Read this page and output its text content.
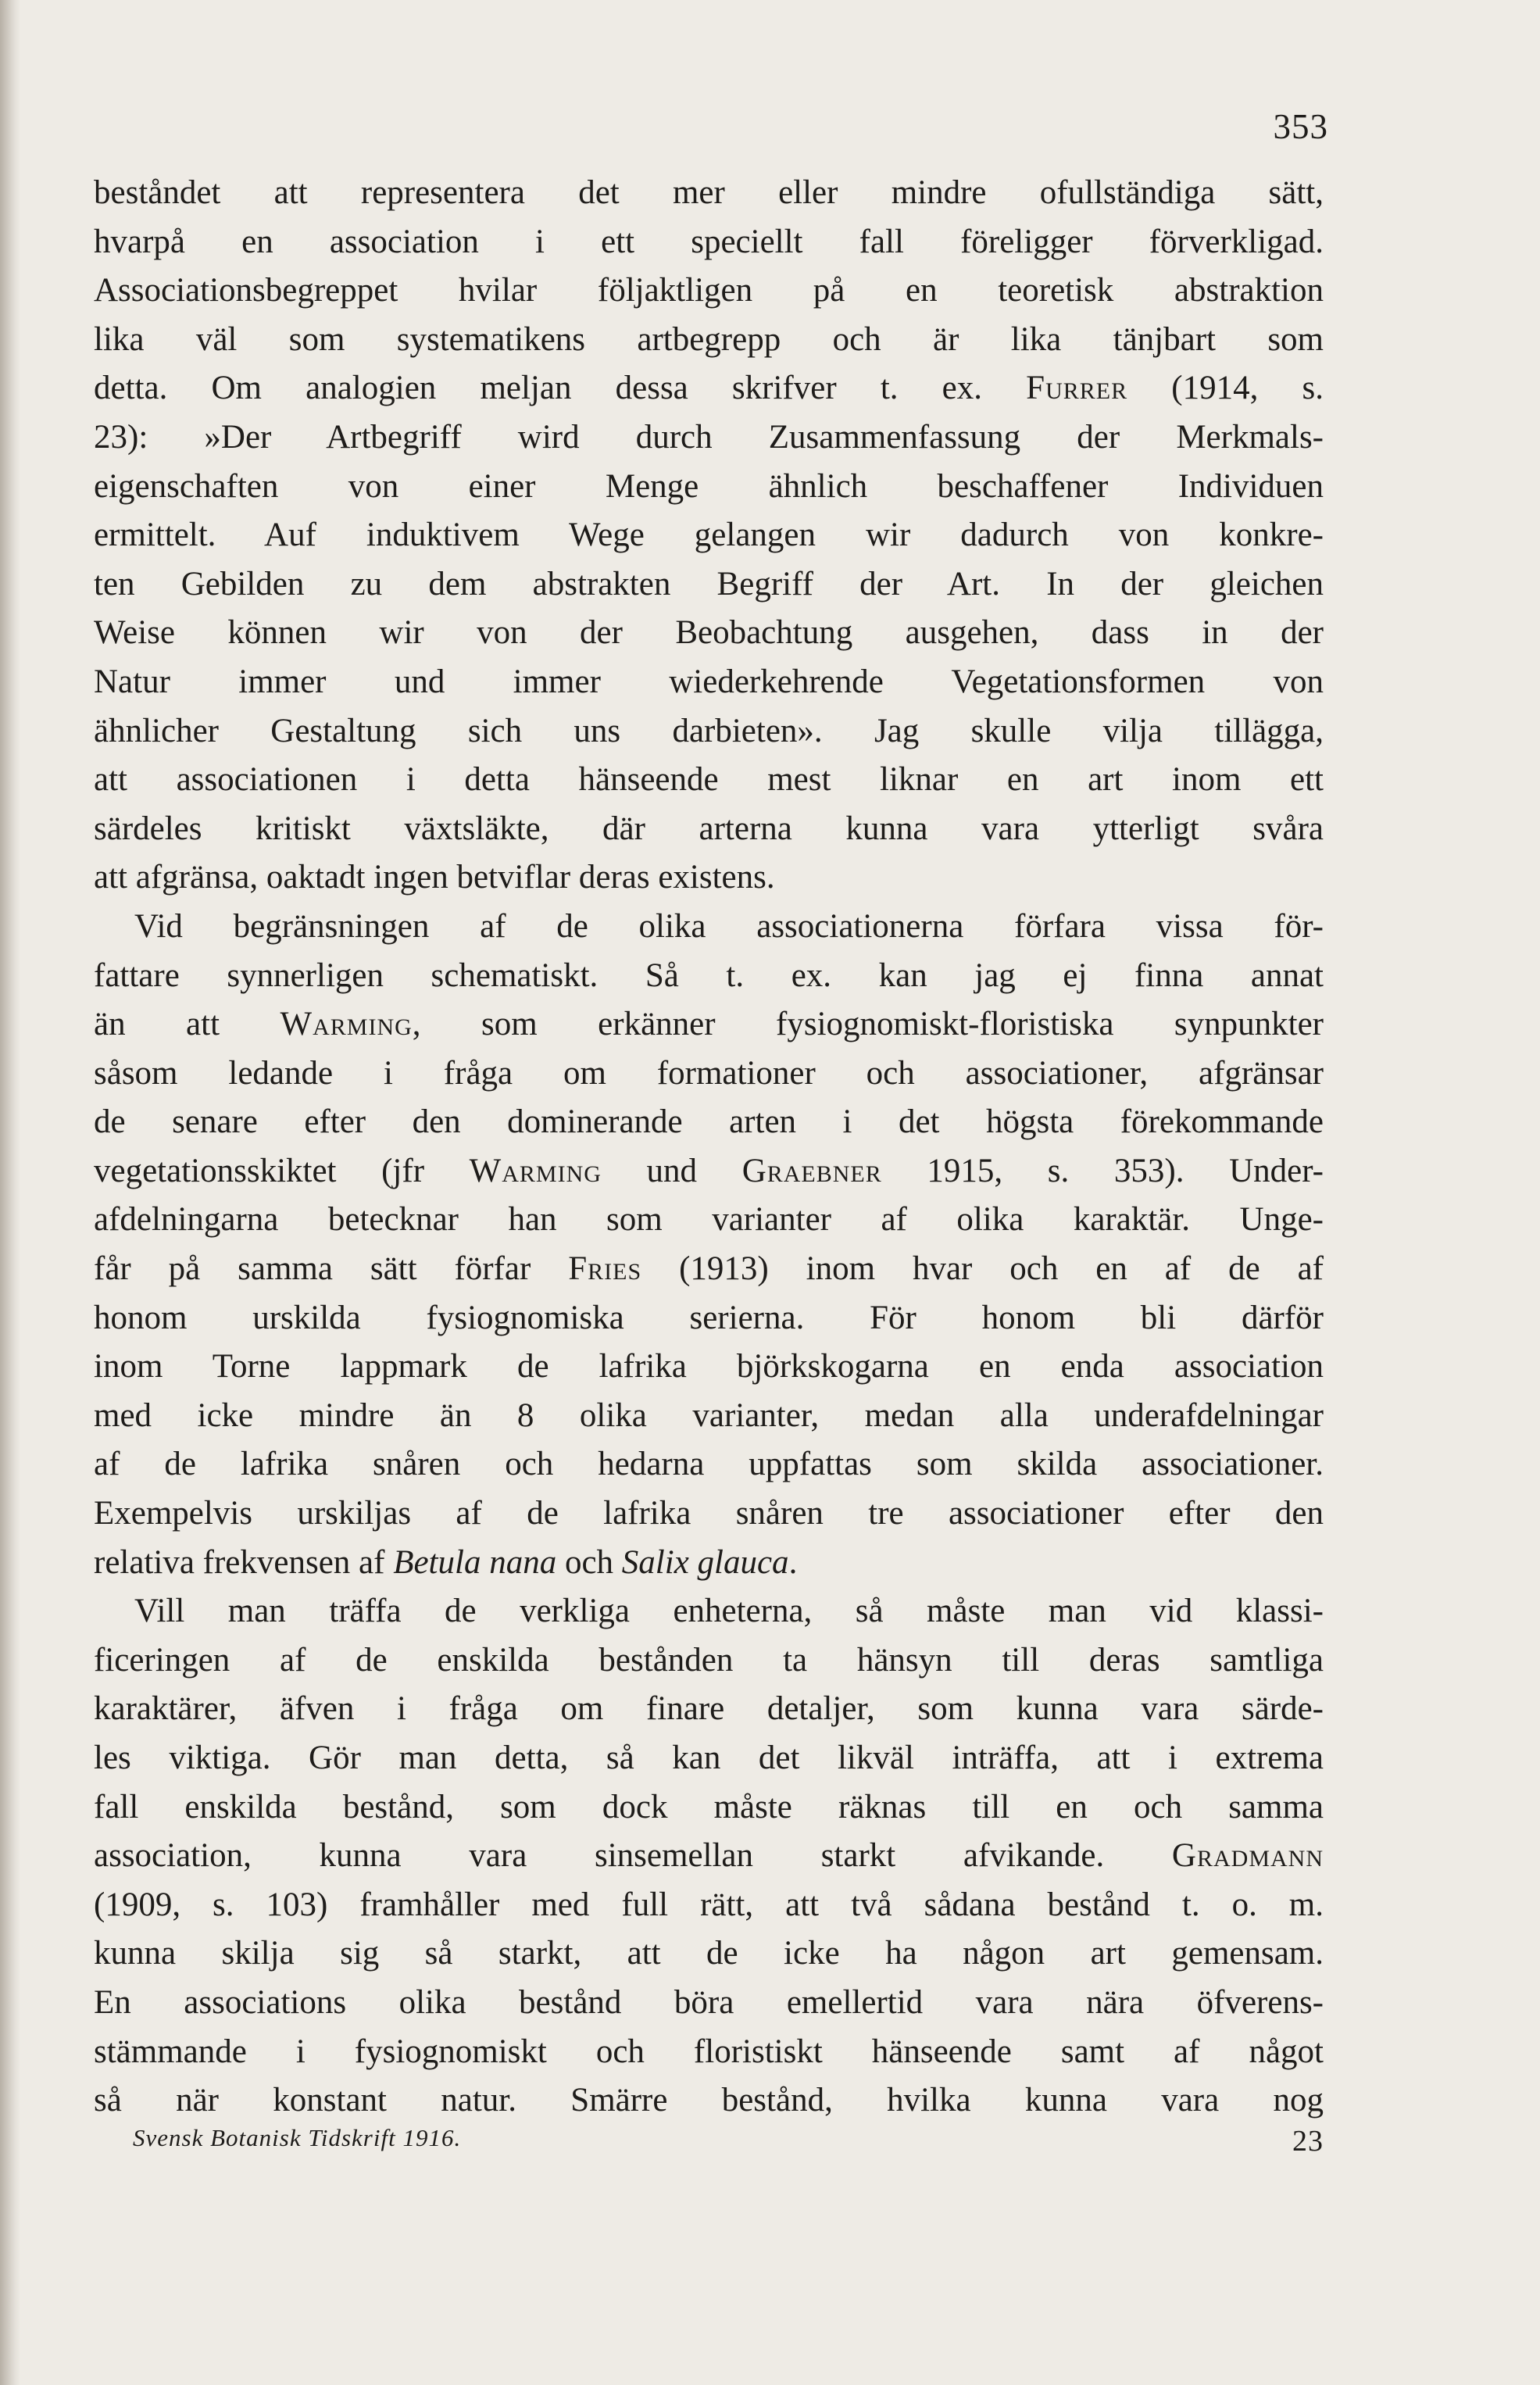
353
beståndet att representera det mer eller mindre ofullständiga sätt,
hvarpå en association i ett speciellt fall föreligger förverkligad.
Associationsbegreppet hvilar följaktligen på en teoretisk abstraktion
lika väl som systematikens artbegrepp och är lika tänjbart som
detta. Om analogien meljan dessa skrifver t. ex. Furrer (1914, s.
23): »Der Artbegriff wird durch Zusammenfassung der Merkmals-
eigenschaften von einer Menge ähnlich beschaffener Individuen
ermittelt. Auf induktivem Wege gelangen wir dadurch von konkre-
ten Gebilden zu dem abstrakten Begriff der Art. In der gleichen
Weise können wir von der Beobachtung ausgehen, dass in der
Natur immer und immer wiederkehrende Vegetationsformen von
ähnlicher Gestaltung sich uns darbieten». Jag skulle vilja tillägga,
att associationen i detta hänseende mest liknar en art inom ett
särdeles kritiskt växtsläkte, där arterna kunna vara ytterligt svåra
att afgränsa, oaktadt ingen betviflar deras existens.
Vid begränsningen af de olika associationerna förfara vissa för-
fattare synnerligen schematiskt. Så t. ex. kan jag ej finna annat
än att Warming, som erkänner fysiognomiskt-floristiska synpunkter
såsom ledande i fråga om formationer och associationer, afgränsar
de senare efter den dominerande arten i det högsta förekommande
vegetationsskiktet (jfr Warming und Graebner 1915, s. 353). Under-
afdelningarna betecknar han som varianter af olika karaktär. Unge-
får på samma sätt förfar Fries (1913) inom hvar och en af de af
honom urskilda fysiognomiska serierna. För honom bli därför
inom Torne lappmark de lafrika björkskogarna en enda association
med icke mindre än 8 olika varianter, medan alla underafdelningar
af de lafrika snåren och hedarna uppfattas som skilda associationer.
Exempelvis urskiljas af de lafrika snåren tre associationer efter den
relativa frekvensen af Betula nana och Salix glauca.
Vill man träffa de verkliga enheterna, så måste man vid klassi-
ficeringen af de enskilda bestånden ta hänsyn till deras samtliga
karaktärer, äfven i fråga om finare detaljer, som kunna vara särde-
les viktiga. Gör man detta, så kan det likväl inträffa, att i extrema
fall enskilda bestånd, som dock måste räknas till en och samma
association, kunna vara sinsemellan starkt afvikande. Gradmann
(1909, s. 103) framhåller med full rätt, att två sådana bestånd t. o. m.
kunna skilja sig så starkt, att de icke ha någon art gemensam.
En associations olika bestånd böra emellertid vara nära öfverens-
stämmande i fysiognomiskt och floristiskt hänseende samt af något
så när konstant natur. Smärre bestånd, hvilka kunna vara nog
Svensk Botanisk Tidskrift 1916.	23
